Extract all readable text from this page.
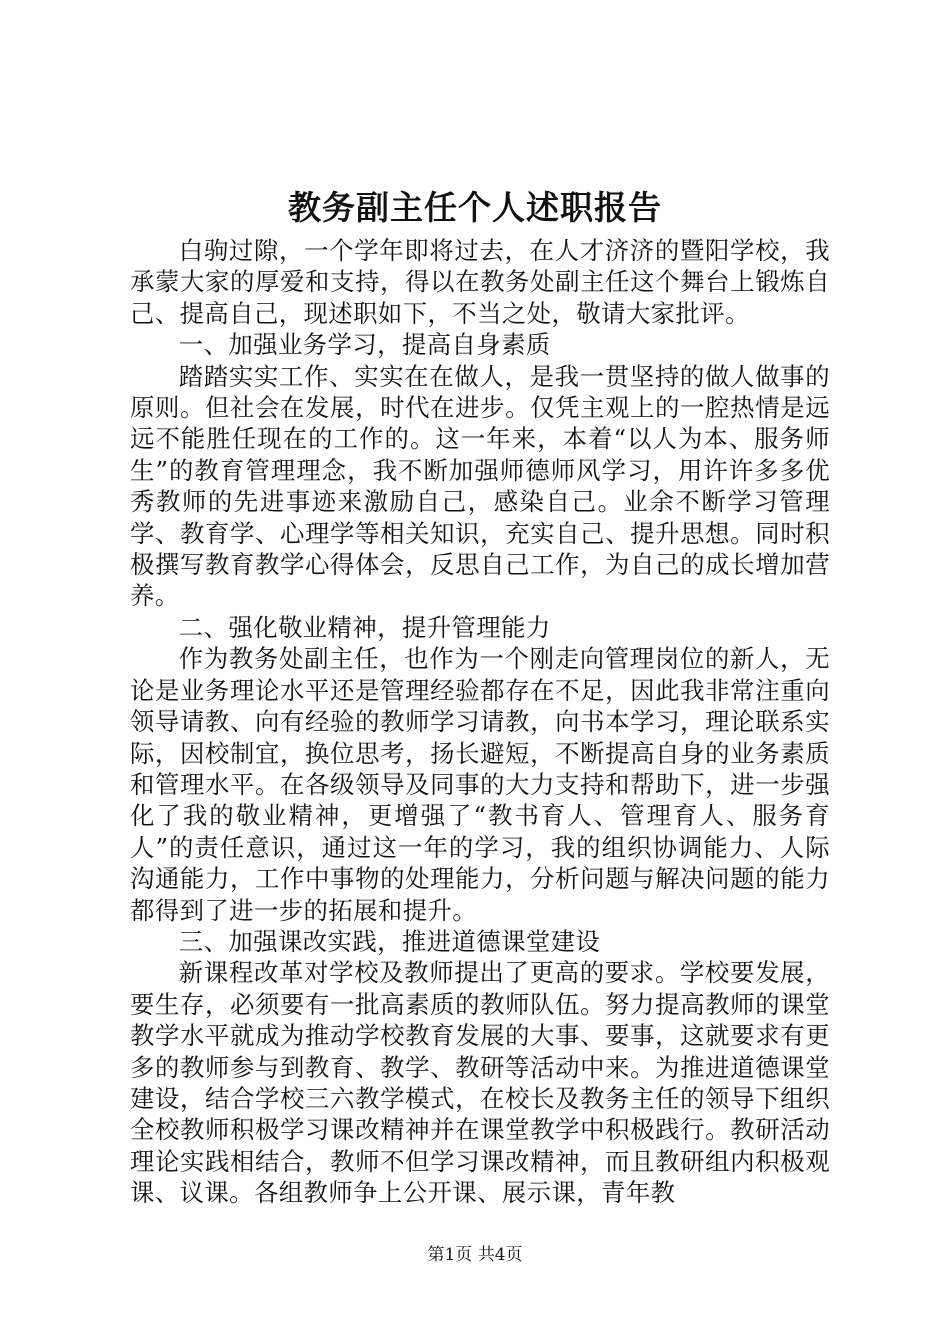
教务副主任个人述职报告

白驹过隙，一个学年即将过去，在人才济济的暨阳学校，我承蒙大家的厚爱和支持，得以在教务处副主任这个舞台上锻炼自己、提高自己，现述职如下，不当之处，敬请大家批评。

一、加强业务学习，提高自身素质

踏踏实实工作、实实在在做人，是我一贯坚持的做人做事的原则。但社会在发展，时代在进步。仅凭主观上的一腔热情是远远不能胜任现在的工作的。这一年来，本着“以人为本、服务师生”的教育管理理念，我不断加强师德师风学习，用许许多多优秀教师的先进事迹来激励自己，感染自己。业余不断学习管理学、教育学、心理学等相关知识，充实自己、提升思想。同时积极撰写教育教学心得体会，反思自己工作，为自己的成长增加营养。

二、强化敬业精神，提升管理能力

作为教务处副主任，也作为一个刚走向管理岗位的新人，无论是业务理论水平还是管理经验都存在不足，因此我非常注重向领导请教、向有经验的教师学习请教，向书本学习，理论联系实际，因校制宜，换位思考，扬长避短，不断提高自身的业务素质和管理水平。在各级领导及同事的大力支持和帮助下，进一步强化了我的敬业精神，更增强了“教书育人、管理育人、服务育人”的责任意识，通过这一年的学习，我的组织协调能力、人际沟通能力，工作中事物的处理能力，分析问题与解决问题的能力都得到了进一步的拓展和提升。

三、加强课改实践，推进道德课堂建设

新课程改革对学校及教师提出了更高的要求。学校要发展，要生存，必须要有一批高素质的教师队伍。努力提高教师的课堂教学水平就成为推动学校教育发展的大事、要事，这就要求有更多的教师参与到教育、教学、教研等活动中来。为推进道德课堂建设，结合学校三六教学模式，在校长及教务主任的领导下组织全校教师积极学习课改精神并在课堂教学中积极践行。教研活动理论实践相结合，教师不但学习课改精神，而且教研组内积极观课、议课。各组教师争上公开课、展示课，青年教

第1页 共4页
